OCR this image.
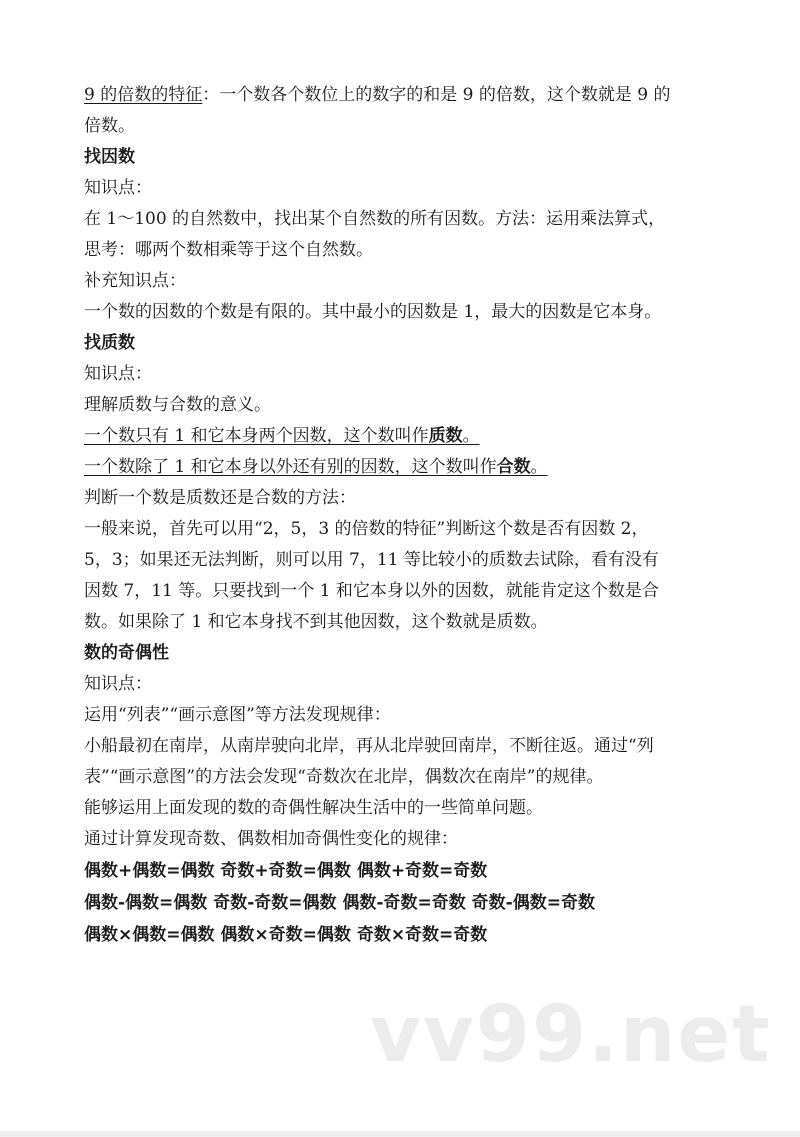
9 的倍数的特征：一个数各个数位上的数字的和是 9 的倍数，这个数就是 9 的

倍数。

找因数

知识点：

在 1～100 的自然数中，找出某个自然数的所有因数。方法：运用乘法算式，

思考：哪两个数相乘等于这个自然数。

补充知识点：

一个数的因数的个数是有限的。其中最小的因数是 1，最大的因数是它本身。

找质数

知识点：

理解质数与合数的意义。

一个数只有 1 和它本身两个因数，这个数叫作质数。

一个数除了 1 和它本身以外还有别的因数，这个数叫作合数。

判断一个数是质数还是合数的方法：

一般来说，首先可以用“2，5，3 的倍数的特征”判断这个数是否有因数 2，

5，3；如果还无法判断，则可以用 7，11 等比较小的质数去试除，看有没有

因数 7，11 等。只要找到一个 1 和它本身以外的因数，就能肯定这个数是合

数。如果除了 1 和它本身找不到其他因数，这个数就是质数。

数的奇偶性

知识点：

运用“列表”“画示意图”等方法发现规律：

小船最初在南岸，从南岸驶向北岸，再从北岸驶回南岸，不断往返。通过“列

表”“画示意图”的方法会发现“奇数次在北岸，偶数次在南岸”的规律。

能够运用上面发现的数的奇偶性解决生活中的一些简单问题。

通过计算发现奇数、偶数相加奇偶性变化的规律：

偶数+偶数=偶数 奇数+奇数=偶数 偶数+奇数=奇数

偶数-偶数=偶数 奇数-奇数=偶数 偶数-奇数=奇数 奇数-偶数=奇数

偶数×偶数=偶数 偶数×奇数=偶数 奇数×奇数=奇数

vv99.net
